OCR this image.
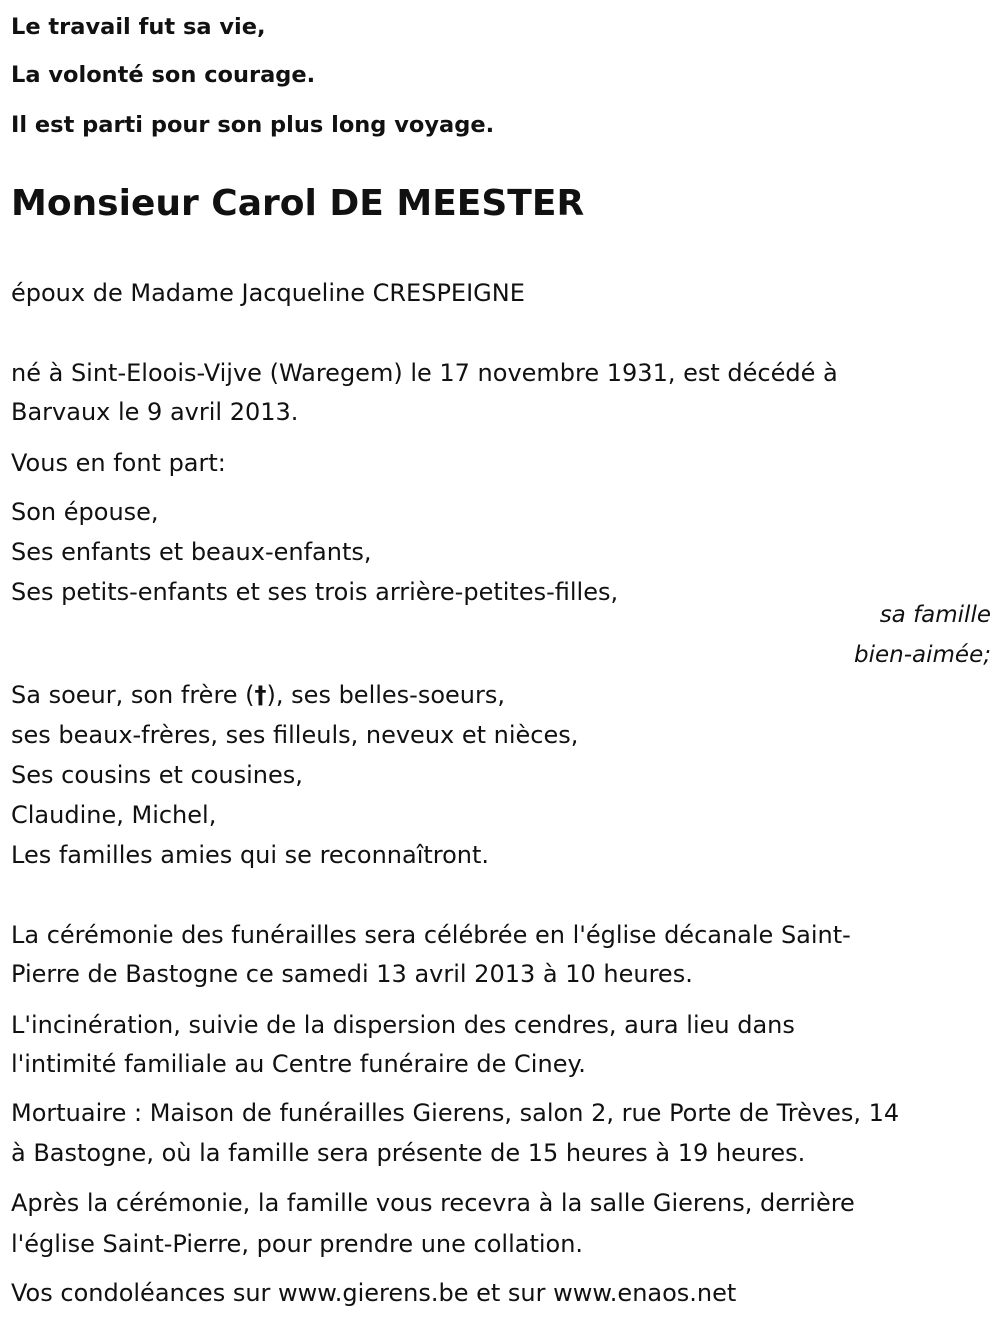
Le travail fut sa vie,
La volonté son courage.
Il est parti pour son plus long voyage.
Monsieur Carol DE MEESTER
époux de Madame Jacqueline CRESPEIGNE
né à Sint-Eloois-Vijve (Waregem) le 17 novembre 1931, est décédé à
Barvaux le 9 avril 2013.
Vous en font part:
Son épouse,
Ses enfants et beaux-enfants,
Ses petits-enfants et ses trois arrière-petites-filles,
sa famille
bien-aimée;
Sa soeur, son frère (†), ses belles-soeurs,
ses beaux-frères, ses filleuls, neveux et nièces,
Ses cousins et cousines,
Claudine, Michel,
Les familles amies qui se reconnaîtront.
La cérémonie des funérailles sera célébrée en l'église décanale Saint-
Pierre de Bastogne ce samedi 13 avril 2013 à 10 heures.
L'incinération, suivie de la dispersion des cendres, aura lieu dans
l'intimité familiale au Centre funéraire de Ciney.
Mortuaire : Maison de funérailles Gierens, salon 2, rue Porte de Trèves, 14
à Bastogne, où la famille sera présente de 15 heures à 19 heures.
Après la cérémonie, la famille vous recevra à la salle Gierens, derrière
l'église Saint-Pierre, pour prendre une collation.
Vos condoléances sur www.gierens.be et sur www.enaos.net
